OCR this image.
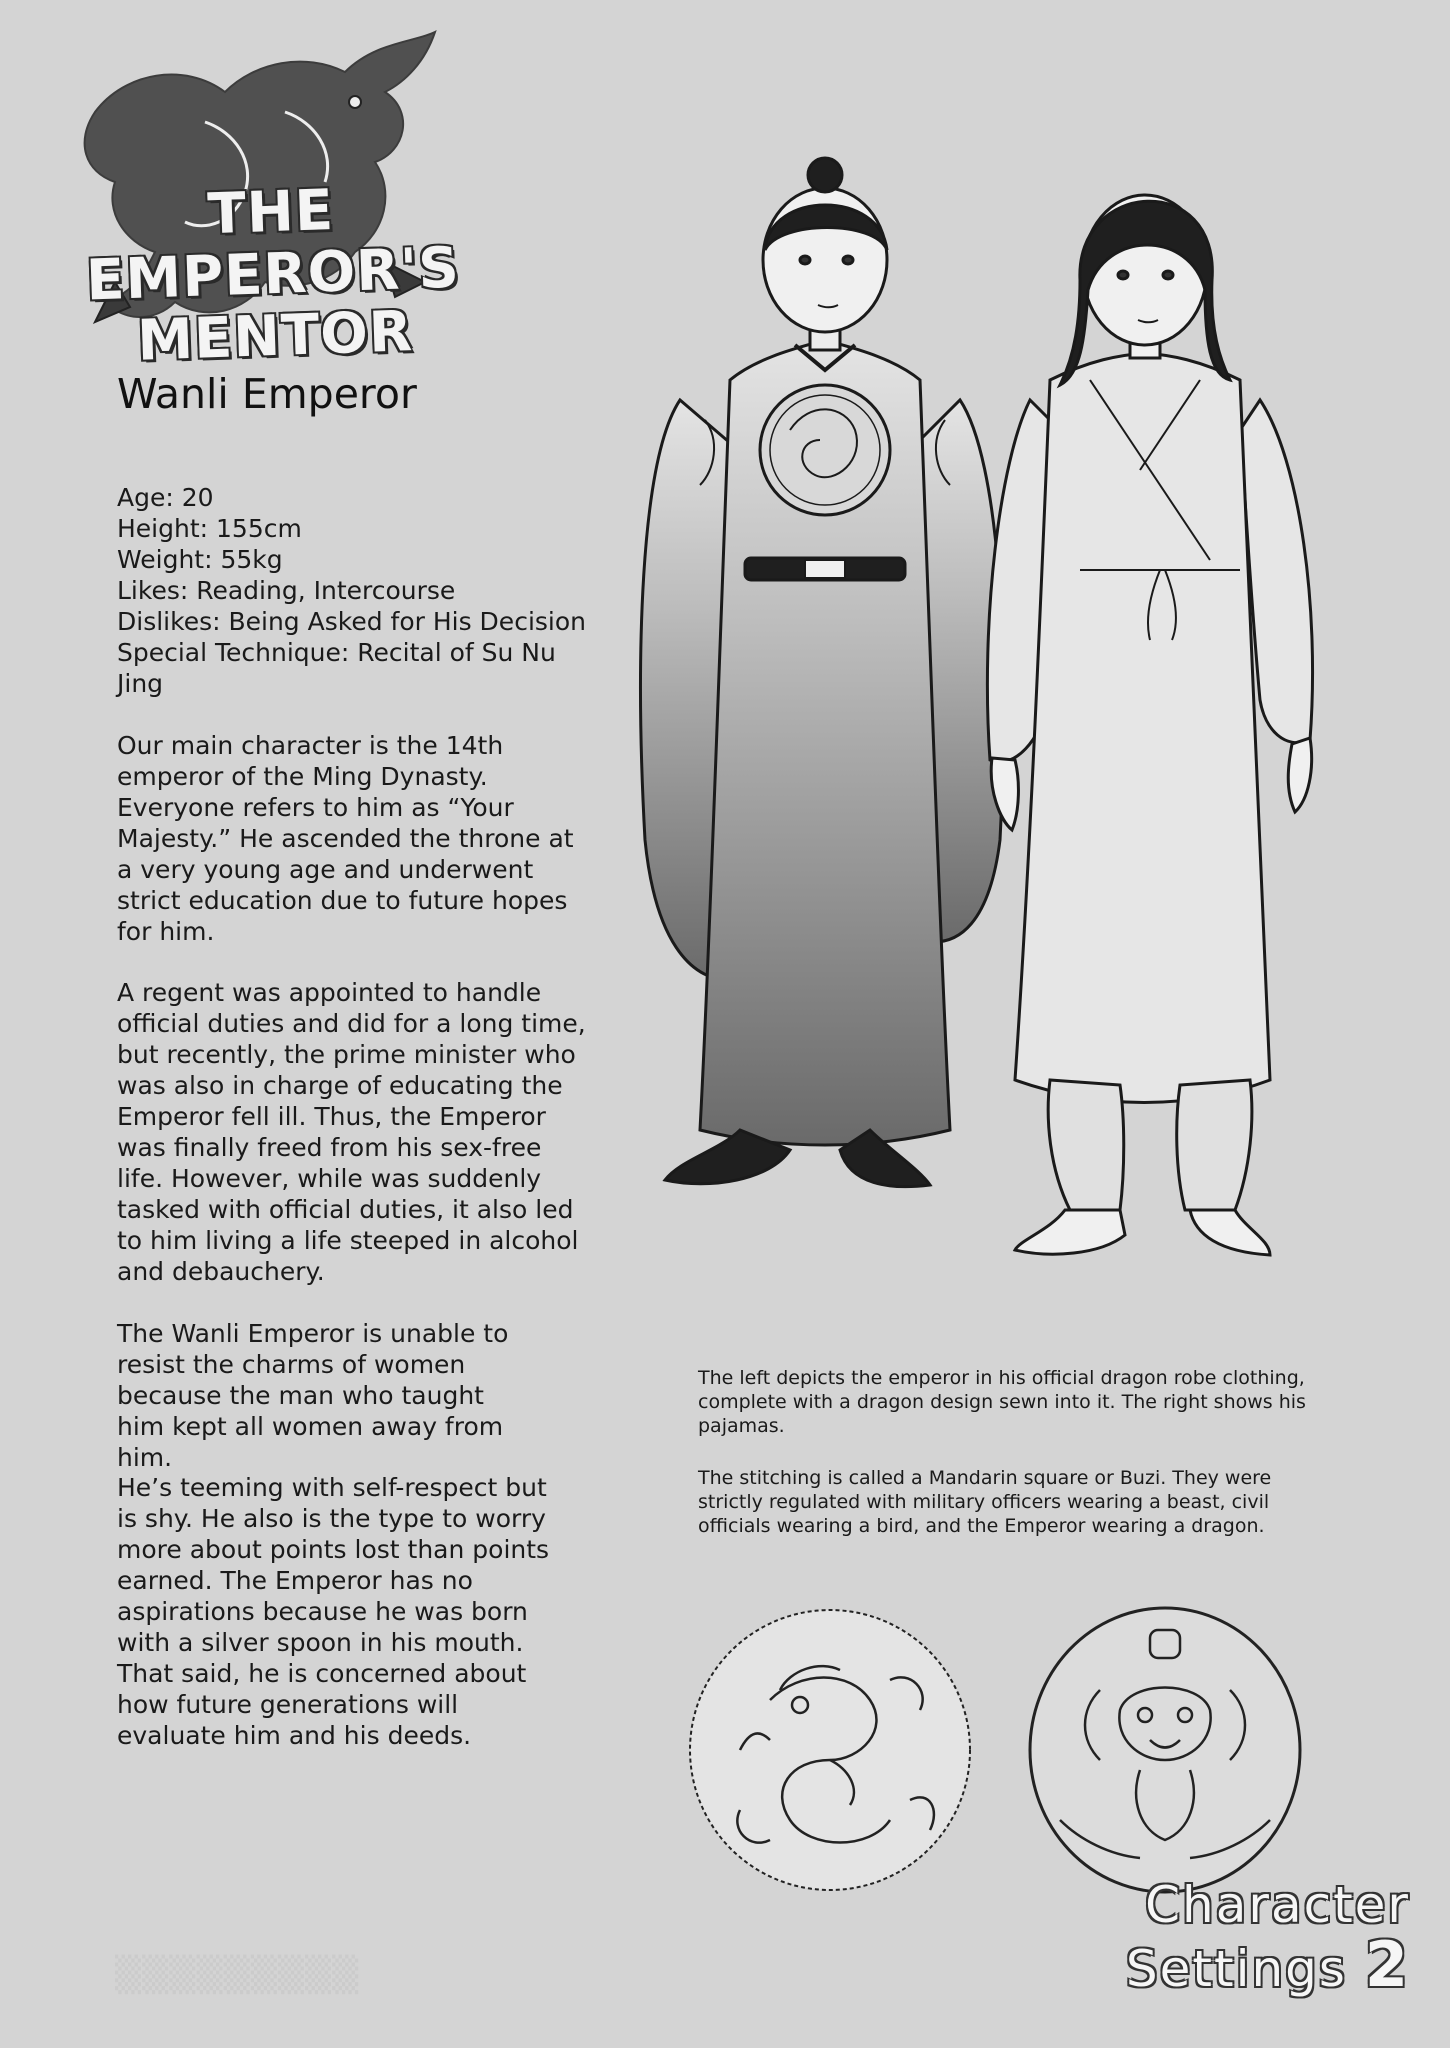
THE EMPEROR'S
MENTOR
Wanli Emperor
Age: 20
Height: 155cm
Weight: 55kg
Likes: Reading, Intercourse
Dislikes: Being Asked for His Decision
Special Technique: Recital of Su Nu Jing

Our main character is the 14th emperor of the Ming Dynasty. Everyone refers to him as “Your Majesty.” He ascended the throne at a very young age and underwent strict education due to future hopes for him.

A regent was appointed to handle official duties and did for a long time, but recently, the prime minister who was also in charge of educating the Emperor fell ill. Thus, the Emperor was finally freed from his sex-free life. However, while was suddenly tasked with official duties, it also led to him living a life steeped in alcohol and debauchery.

The Wanli Emperor is unable to resist the charms of women because the man who taught him kept all women away from him.

He’s teeming with self-respect but is shy. He also is the type to worry more about points lost than points earned. The Emperor has no aspirations because he was born with a silver spoon in his mouth. That said, he is concerned about how future generations will evaluate him and his deeds.

The left depicts the emperor in his official dragon robe clothing, complete with a dragon design sewn into it. The right shows his pajamas.

The stitching is called a Mandarin square or Buzi. They were strictly regulated with military officers wearing a beast, civil officials wearing a bird, and the Emperor wearing a dragon.

▒▒▒▒▒▒▒▒▒
Character
Settings 2
